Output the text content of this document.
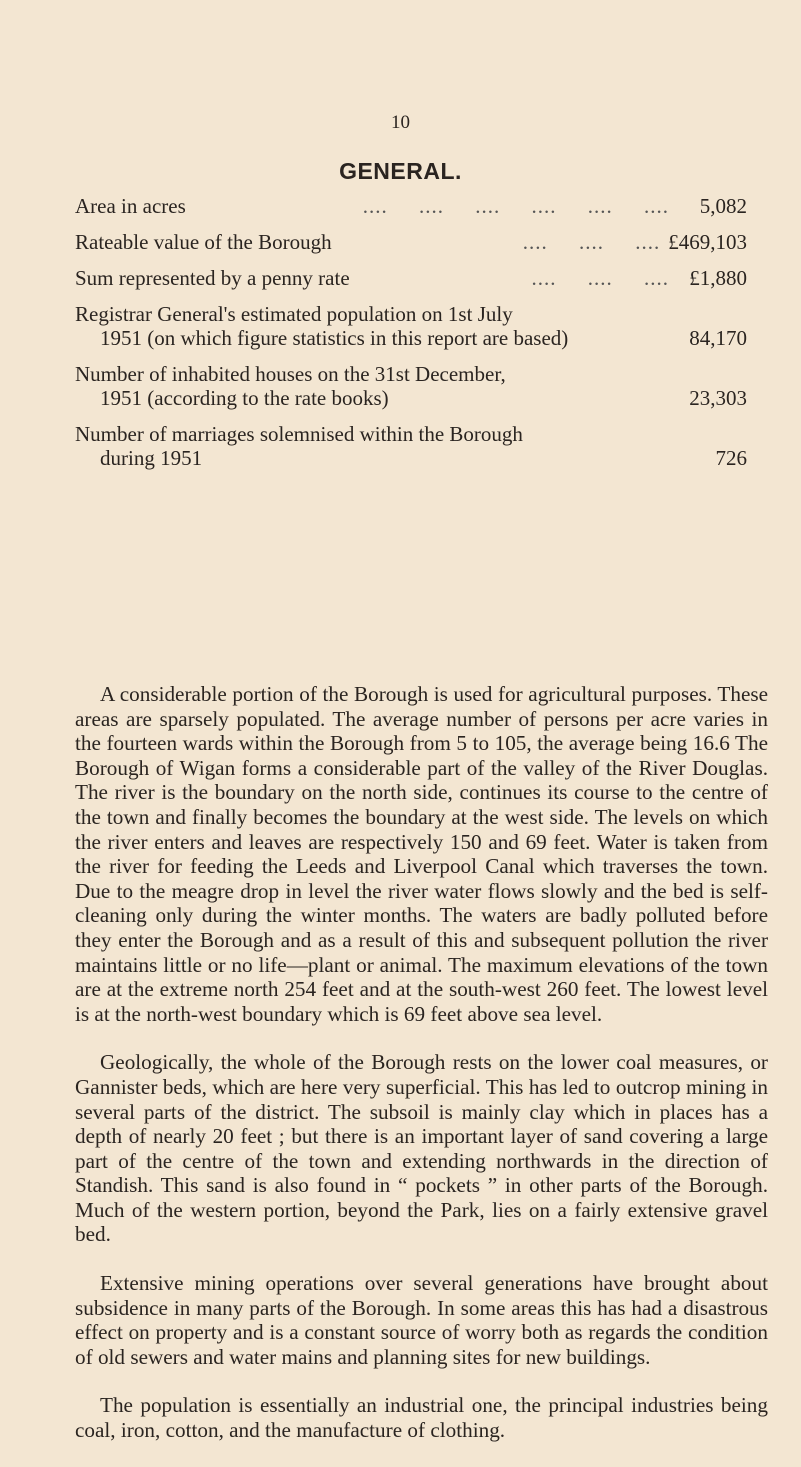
10
GENERAL.
Area in acres	....     ....     ....     ....     ....     ....	5,082
Rateable value of the Borough	....     ....     .... £469,103
Sum represented by a penny rate	....     ....     .... £1,880
Registrar General's estimated population on 1st July
1951 (on which figure statistics in this report are based)	84,170
Number of inhabited houses on the 31st December,
1951 (according to the rate books)	23,303
Number of marriages solemnised within the Borough
during 1951	726

A considerable portion of the Borough is used for agricultural purposes. These areas are sparsely populated. The average number of persons per acre varies in the fourteen wards within the Borough from 5 to 105, the average being 16.6 The Borough of Wigan forms a considerable part of the valley of the River Douglas. The river is the boundary on the north side, continues its course to the centre of the town and finally becomes the boundary at the west side. The levels on which the river enters and leaves are respectively 150 and 69 feet. Water is taken from the river for feeding the Leeds and Liverpool Canal which traverses the town. Due to the meagre drop in level the river water flows slowly and the bed is self-cleaning only during the winter months. The waters are badly polluted before they enter the Borough and as a result of this and subsequent pollution the river maintains little or no life—plant or animal. The maximum elevations of the town are at the extreme north 254 feet and at the south-west 260 feet. The lowest level is at the north-west boundary which is 69 feet above sea level.

Geologically, the whole of the Borough rests on the lower coal measures, or Gannister beds, which are here very superficial. This has led to outcrop mining in several parts of the district. The subsoil is mainly clay which in places has a depth of nearly 20 feet ; but there is an important layer of sand covering a large part of the centre of the town and extending northwards in the direction of Standish. This sand is also found in “ pockets ” in other parts of the Borough. Much of the western portion, beyond the Park, lies on a fairly extensive gravel bed.

Extensive mining operations over several generations have brought about subsidence in many parts of the Borough. In some areas this has had a disastrous effect on property and is a constant source of worry both as regards the condition of old sewers and water mains and planning sites for new buildings.

The population is essentially an industrial one, the principal industries being coal, iron, cotton, and the manufacture of clothing.
